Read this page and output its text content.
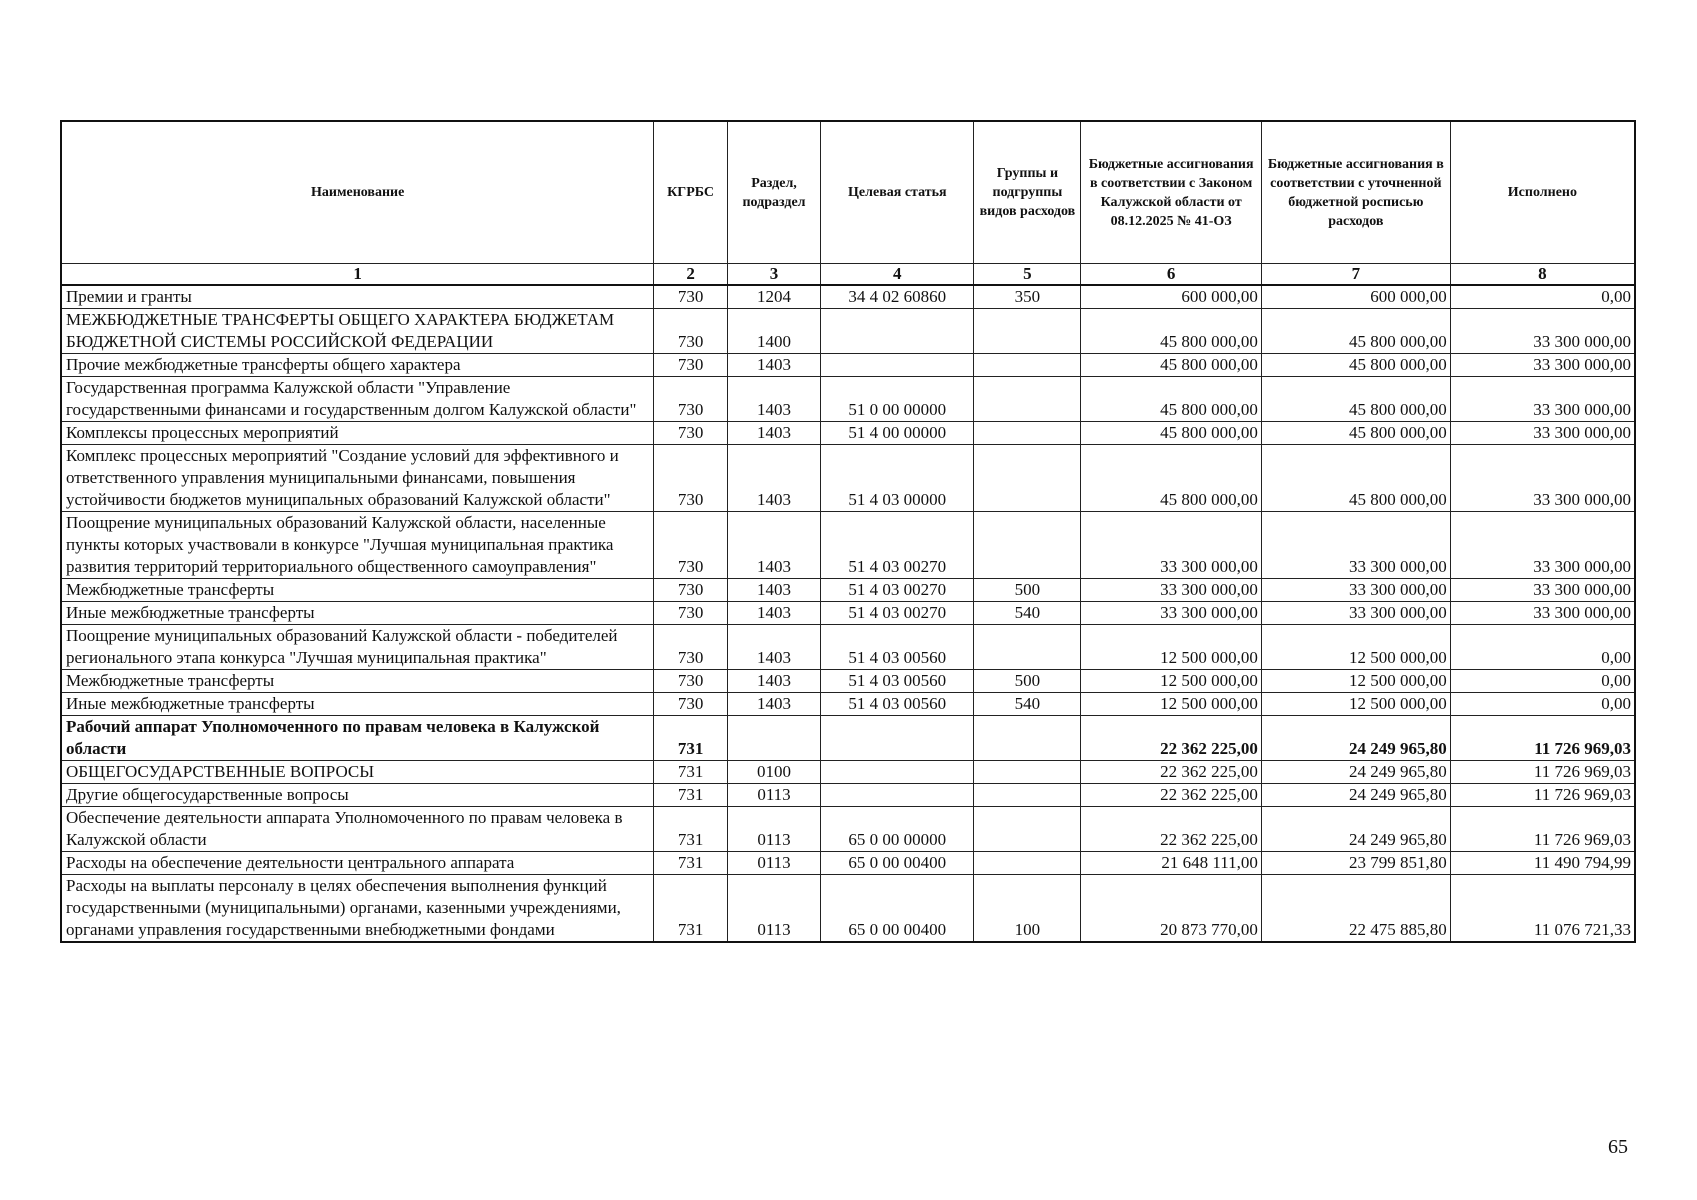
Наименование	КГРБС	Раздел, подраздел	Целевая статья	Группы и подгруппы видов расходов	Бюджетные ассигнования в соответствии с Законом Калужской области от 08.12.2025 № 41-ОЗ	Бюджетные ассигнования в соответствии с уточненной бюджетной росписью расходов	Исполнено
1	2	3	4	5	6	7	8
Премии и гранты	730	1204	34 4 02 60860	350	600 000,00	600 000,00	0,00
МЕЖБЮДЖЕТНЫЕ ТРАНСФЕРТЫ ОБЩЕГО ХАРАКТЕРА БЮДЖЕТАМ БЮДЖЕТНОЙ СИСТЕМЫ РОССИЙСКОЙ ФЕДЕРАЦИИ	730	1400			45 800 000,00	45 800 000,00	33 300 000,00
Прочие межбюджетные трансферты общего характера	730	1403			45 800 000,00	45 800 000,00	33 300 000,00
Государственная программа Калужской области "Управление государственными финансами и государственным долгом Калужской области"	730	1403	51 0 00 00000		45 800 000,00	45 800 000,00	33 300 000,00
Комплексы процессных мероприятий	730	1403	51 4 00 00000		45 800 000,00	45 800 000,00	33 300 000,00
Комплекс процессных мероприятий "Создание условий для эффективного и ответственного управления муниципальными финансами, повышения устойчивости бюджетов муниципальных образований Калужской области"	730	1403	51 4 03 00000		45 800 000,00	45 800 000,00	33 300 000,00
Поощрение муниципальных образований Калужской области, населенные пункты которых участвовали в конкурсе "Лучшая муниципальная практика развития территорий территориального общественного самоуправления"	730	1403	51 4 03 00270		33 300 000,00	33 300 000,00	33 300 000,00
Межбюджетные трансферты	730	1403	51 4 03 00270	500	33 300 000,00	33 300 000,00	33 300 000,00
Иные межбюджетные трансферты	730	1403	51 4 03 00270	540	33 300 000,00	33 300 000,00	33 300 000,00
Поощрение муниципальных образований Калужской области - победителей регионального этапа конкурса "Лучшая муниципальная практика"	730	1403	51 4 03 00560		12 500 000,00	12 500 000,00	0,00
Межбюджетные трансферты	730	1403	51 4 03 00560	500	12 500 000,00	12 500 000,00	0,00
Иные межбюджетные трансферты	730	1403	51 4 03 00560	540	12 500 000,00	12 500 000,00	0,00
Рабочий аппарат Уполномоченного по правам человека в Калужской области	731				22 362 225,00	24 249 965,80	11 726 969,03
ОБЩЕГОСУДАРСТВЕННЫЕ ВОПРОСЫ	731	0100			22 362 225,00	24 249 965,80	11 726 969,03
Другие общегосударственные вопросы	731	0113			22 362 225,00	24 249 965,80	11 726 969,03
Обеспечение деятельности аппарата Уполномоченного по правам человека в Калужской области	731	0113	65 0 00 00000		22 362 225,00	24 249 965,80	11 726 969,03
Расходы на обеспечение деятельности центрального аппарата	731	0113	65 0 00 00400		21 648 111,00	23 799 851,80	11 490 794,99
Расходы на выплаты персоналу в целях обеспечения выполнения функций государственными (муниципальными) органами, казенными учреждениями, органами управления государственными внебюджетными фондами	731	0113	65 0 00 00400	100	20 873 770,00	22 475 885,80	11 076 721,33
65
